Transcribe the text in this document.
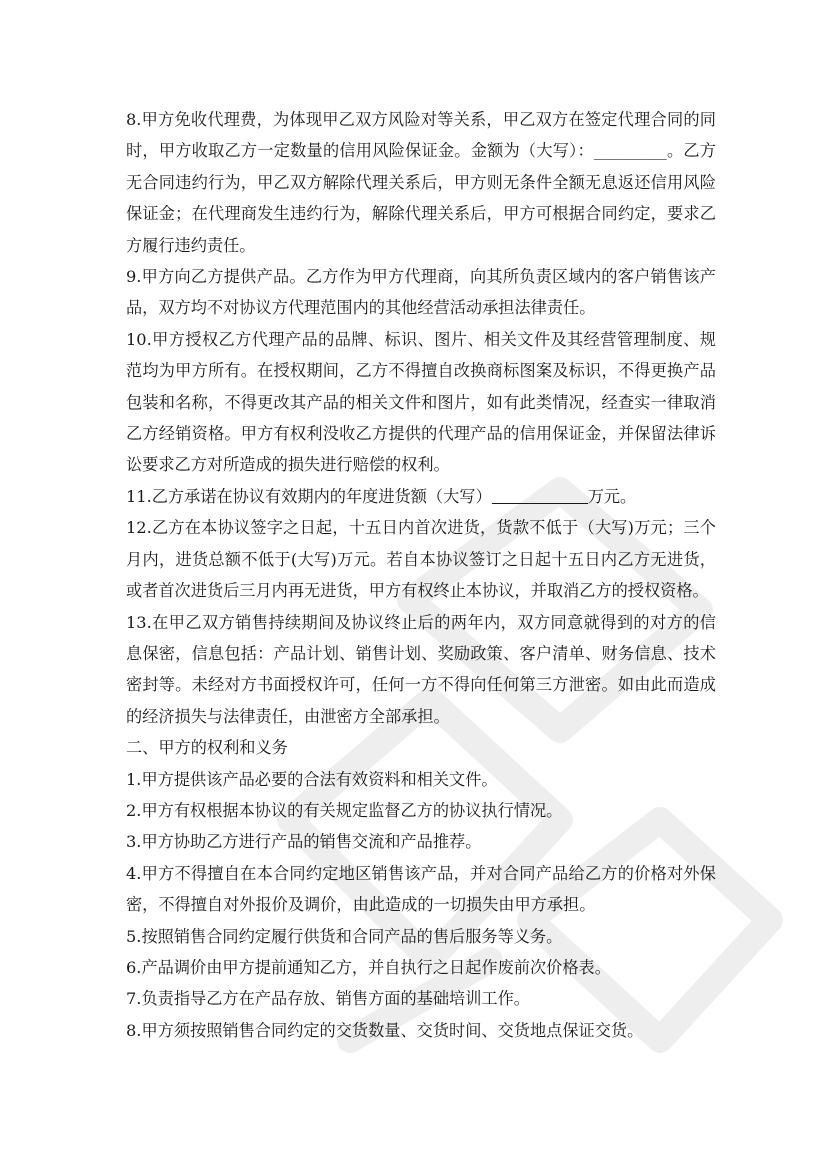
8.甲方免收代理费，为体现甲乙双方风险对等关系，甲乙双方在签定代理合同的同时，甲方收取乙方一定数量的信用风险保证金。金额为（大写）：_________。乙方无合同违约行为，甲乙双方解除代理关系后，甲方则无条件全额无息返还信用风险保证金；在代理商发生违约行为，解除代理关系后，甲方可根据合同约定，要求乙方履行违约责任。

9.甲方向乙方提供产品。乙方作为甲方代理商，向其所负责区域内的客户销售该产品，双方均不对协议方代理范围内的其他经营活动承担法律责任。

10.甲方授权乙方代理产品的品牌、标识、图片、相关文件及其经营管理制度、规范均为甲方所有。在授权期间，乙方不得擅自改换商标图案及标识，不得更换产品包装和名称，不得更改其产品的相关文件和图片，如有此类情况，经查实一律取消乙方经销资格。甲方有权利没收乙方提供的代理产品的信用保证金，并保留法律诉讼要求乙方对所造成的损失进行赔偿的权利。

11.乙方承诺在协议有效期内的年度进货额（大写）	万元。

12.乙方在本协议签字之日起，十五日内首次进货，货款不低于（大写)万元；三个月内，进货总额不低于(大写)万元。若自本协议签订之日起十五日内乙方无进货，或者首次进货后三月内再无进货，甲方有权终止本协议，并取消乙方的授权资格。

13.在甲乙双方销售持续期间及协议终止后的两年内，双方同意就得到的对方的信息保密，信息包括：产品计划、销售计划、奖励政策、客户清单、财务信息、技术密封等。未经对方书面授权许可，任何一方不得向任何第三方泄密。如由此而造成的经济损失与法律责任，由泄密方全部承担。

二、甲方的权利和义务

1.甲方提供该产品必要的合法有效资料和相关文件。

2.甲方有权根据本协议的有关规定监督乙方的协议执行情况。

3.甲方协助乙方进行产品的销售交流和产品推荐。

4.甲方不得擅自在本合同约定地区销售该产品，并对合同产品给乙方的价格对外保密，不得擅自对外报价及调价，由此造成的一切损失由甲方承担。

5.按照销售合同约定履行供货和合同产品的售后服务等义务。

6.产品调价由甲方提前通知乙方，并自执行之日起作废前次价格表。

7.负责指导乙方在产品存放、销售方面的基础培训工作。

8.甲方须按照销售合同约定的交货数量、交货时间、交货地点保证交货。
